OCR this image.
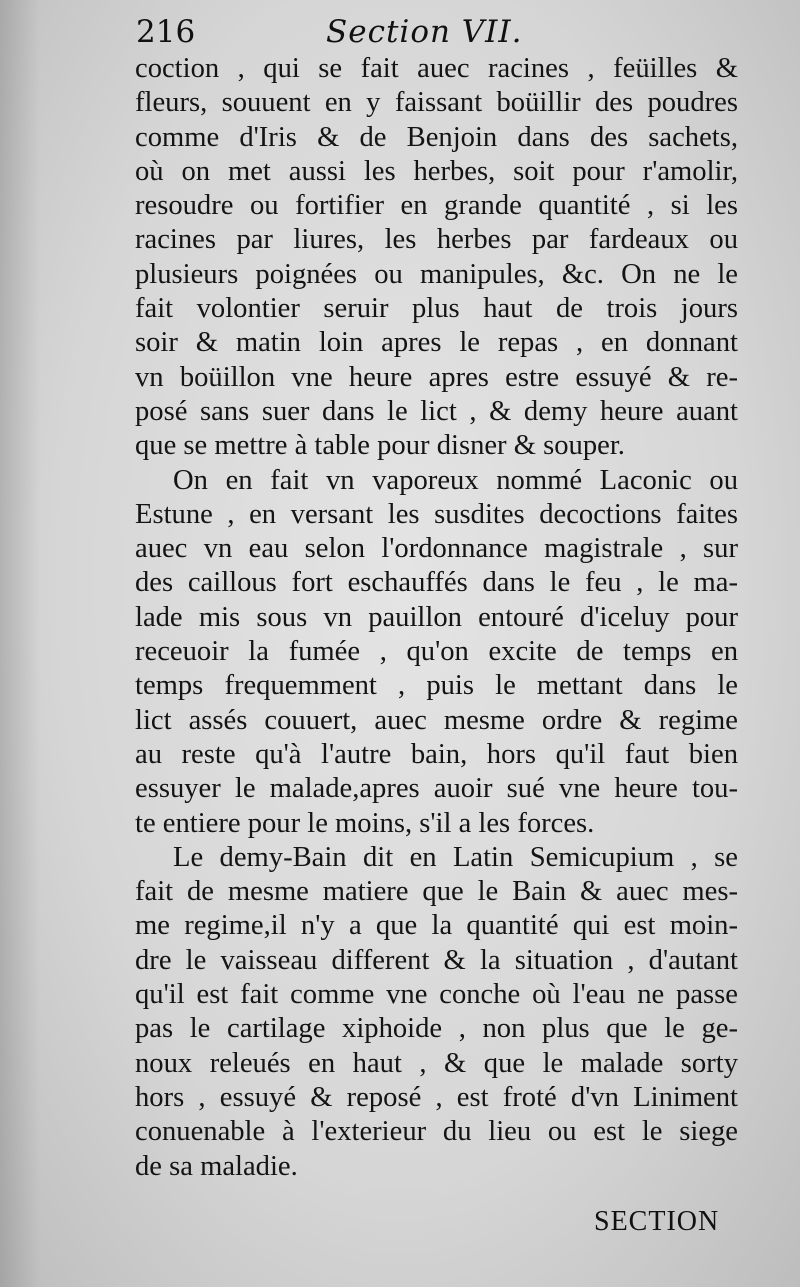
216	Section VII.
coction , qui se fait auec racines , feüilles &
fleurs, souuent en y faissant boüillir des poudres
comme d'Iris & de Benjoin dans des sachets,
où on met aussi les herbes, soit pour r'amolir,
resoudre ou fortifier en grande quantité , si les
racines par liures, les herbes par fardeaux ou
plusieurs poignées ou manipules, &c. On ne le
fait volontier seruir plus haut de trois jours
soir & matin loin apres le repas , en donnant
vn boüillon vne heure apres estre essuyé & re-
posé sans suer dans le lict , & demy heure auant
que se mettre à table pour disner & souper.
On en fait vn vaporeux nommé Laconic ou
Estune , en versant les susdites decoctions faites
auec vn eau selon l'ordonnance magistrale , sur
des caillous fort eschauffés dans le feu , le ma-
lade mis sous vn pauillon entouré d'iceluy pour
receuoir la fumée , qu'on excite de temps en
temps frequemment , puis le mettant dans le
lict assés couuert, auec mesme ordre & regime
au reste qu'à l'autre bain, hors qu'il faut bien
essuyer le malade,apres auoir sué vne heure tou-
te entiere pour le moins, s'il a les forces.
Le demy-Bain dit en Latin Semicupium , se
fait de mesme matiere que le Bain & auec mes-
me regime,il n'y a que la quantité qui est moin-
dre le vaisseau different & la situation , d'autant
qu'il est fait comme vne conche où l'eau ne passe
pas le cartilage xiphoide , non plus que le ge-
noux releués en haut , & que le malade sorty
hors , essuyé & reposé , est froté d'vn Liniment
conuenable à l'exterieur du lieu ou est le siege
de sa maladie.
SECTION
